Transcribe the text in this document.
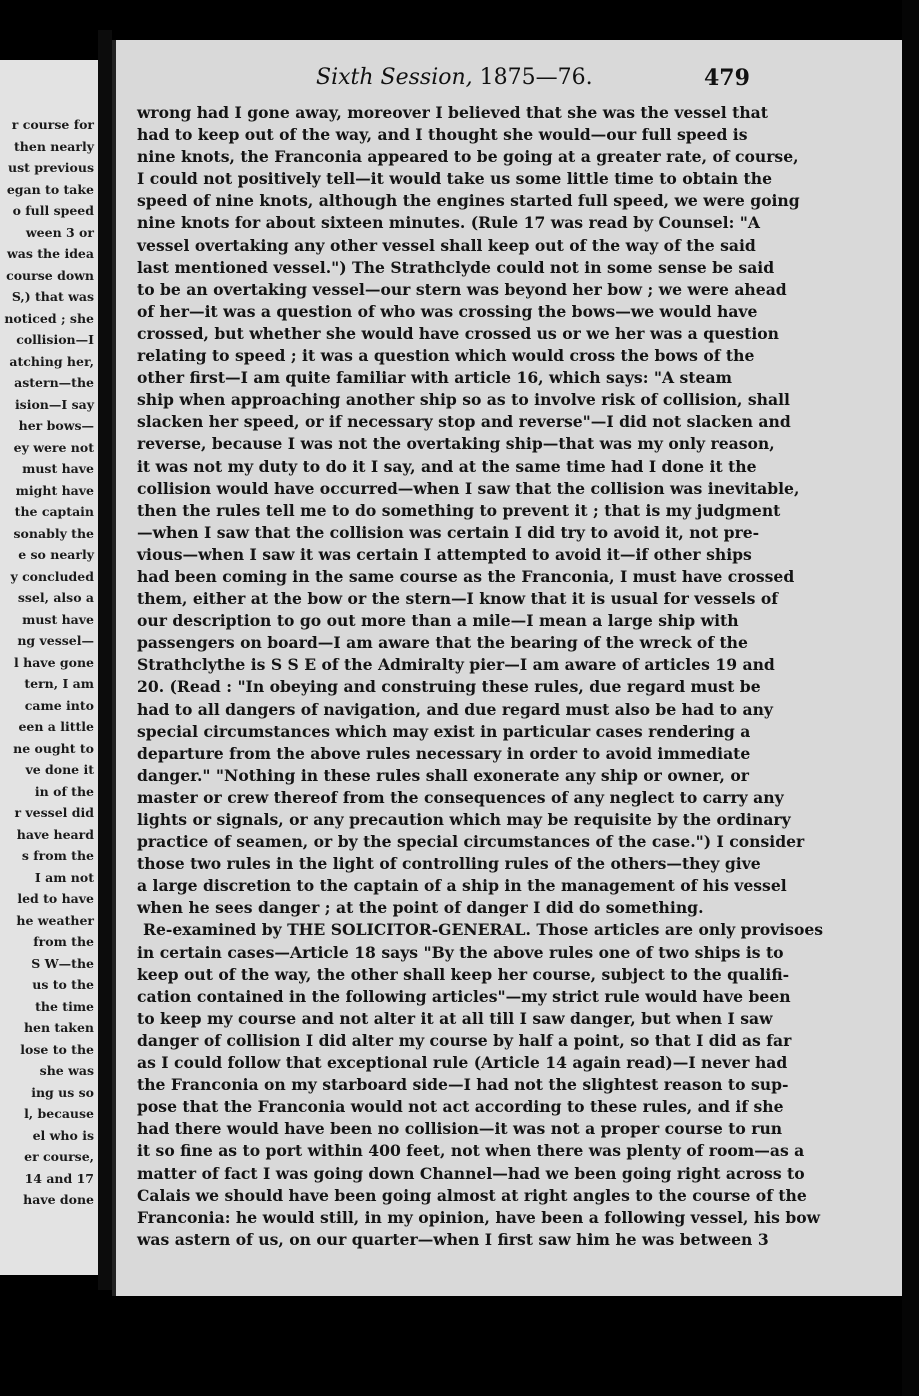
r course for
then nearly
ust previous
egan to take
o full speed
ween 3 or
was the idea
course down
S,) that was
noticed ; she
collision—I
atching her,
astern—the
ision—I say
her bows—
ey were not
must have
might have
the captain
sonably the
e so nearly
y concluded
ssel, also a
must have
ng vessel—
l have gone
tern, I am
came into
een a little
ne ought to
ve done it
in of the
r vessel did
have heard
s from the
I am not
led to have
he weather
from the
S W—the
us to the
the time
hen taken
lose to the
she was
ing us so
l, because
el who is
er course,
14 and 17
have done
Sixth Session, 1875—76.	479
wrong had I gone away, moreover I believed that she was the vessel that
had to keep out of the way, and I thought she would—our full speed is
nine knots, the Franconia appeared to be going at a greater rate, of course,
I could not positively tell—it would take us some little time to obtain the
speed of nine knots, although the engines started full speed, we were going
nine knots for about sixteen minutes. (Rule 17 was read by Counsel: "A
vessel overtaking any other vessel shall keep out of the way of the said
last mentioned vessel.") The Strathclyde could not in some sense be said
to be an overtaking vessel—our stern was beyond her bow ; we were ahead
of her—it was a question of who was crossing the bows—we would have
crossed, but whether she would have crossed us or we her was a question
relating to speed ; it was a question which would cross the bows of the
other first—I am quite familiar with article 16, which says: "A steam
ship when approaching another ship so as to involve risk of collision, shall
slacken her speed, or if necessary stop and reverse"—I did not slacken and
reverse, because I was not the overtaking ship—that was my only reason,
it was not my duty to do it I say, and at the same time had I done it the
collision would have occurred—when I saw that the collision was inevitable,
then the rules tell me to do something to prevent it ; that is my judgment
—when I saw that the collision was certain I did try to avoid it, not pre-
vious—when I saw it was certain I attempted to avoid it—if other ships
had been coming in the same course as the Franconia, I must have crossed
them, either at the bow or the stern—I know that it is usual for vessels of
our description to go out more than a mile—I mean a large ship with
passengers on board—I am aware that the bearing of the wreck of the
Strathclythe is S S E of the Admiralty pier—I am aware of articles 19 and
20. (Read : "In obeying and construing these rules, due regard must be
had to all dangers of navigation, and due regard must also be had to any
special circumstances which may exist in particular cases rendering a
departure from the above rules necessary in order to avoid immediate
danger." "Nothing in these rules shall exonerate any ship or owner, or
master or crew thereof from the consequences of any neglect to carry any
lights or signals, or any precaution which may be requisite by the ordinary
practice of seamen, or by the special circumstances of the case.") I consider
those two rules in the light of controlling rules of the others—they give
a large discretion to the captain of a ship in the management of his vessel
when he sees danger ; at the point of danger I did do something.
Re-examined by THE SOLICITOR-GENERAL. Those articles are only provisoes
in certain cases—Article 18 says "By the above rules one of two ships is to
keep out of the way, the other shall keep her course, subject to the qualifi-
cation contained in the following articles"—my strict rule would have been
to keep my course and not alter it at all till I saw danger, but when I saw
danger of collision I did alter my course by half a point, so that I did as far
as I could follow that exceptional rule (Article 14 again read)—I never had
the Franconia on my starboard side—I had not the slightest reason to sup-
pose that the Franconia would not act according to these rules, and if she
had there would have been no collision—it was not a proper course to run
it so fine as to port within 400 feet, not when there was plenty of room—as a
matter of fact I was going down Channel—had we been going right across to
Calais we should have been going almost at right angles to the course of the
Franconia: he would still, in my opinion, have been a following vessel, his bow
was astern of us, on our quarter—when I first saw him he was between 3
